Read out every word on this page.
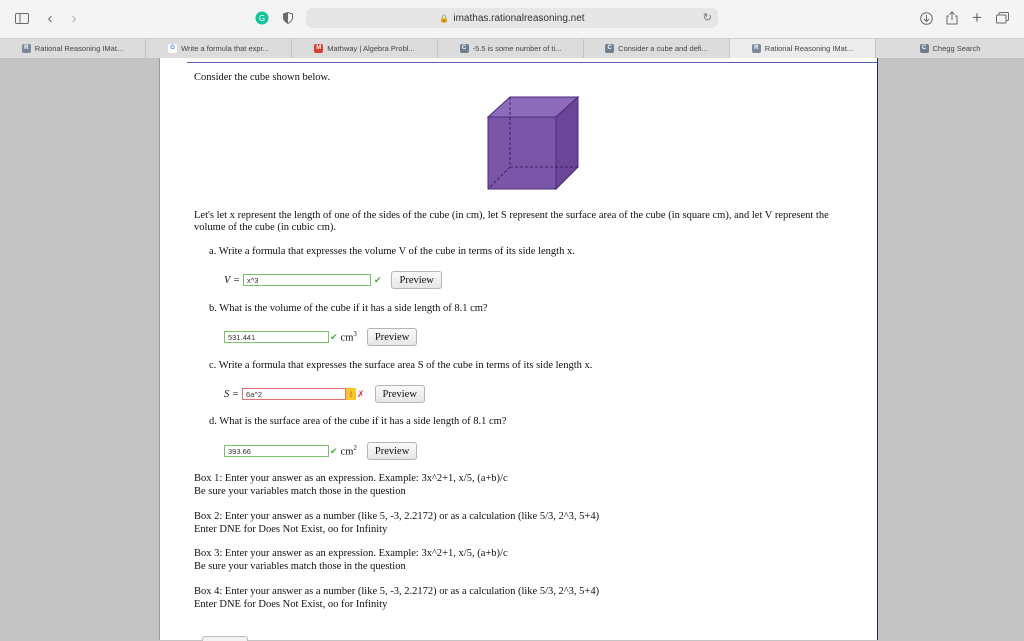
‹ ›	G	🔒 imathas.rationalreasoning.net	↻	+
R Rational Reasoning IMat...	G Write a formula that expr...	M Mathway | Algebra Probl...	C -5.5 is some number of ti...	C Consider a cube and defi...	R Rational Reasoning IMat...	C Chegg Search
Consider the cube shown below.
Let's let x represent the length of one of the sides of the cube (in cm), let S represent the surface area of the cube (in square cm), and let V represent the volume of the cube (in cubic cm).
a. Write a formula that expresses the volume V of the cube in terms of its side length x.
V = x^3	✔	Preview
b. What is the volume of the cube if it has a side length of 8.1 cm?
531.441	✔ $cm^3$	Preview
c. Write a formula that expresses the surface area S of the cube in terms of its side length x.
S = 6a^2	! ✗	Preview
d. What is the surface area of the cube if it has a side length of 8.1 cm?
393.66	✔ $cm^2$	Preview
Box 1: Enter your answer as an expression. Example: 3x^2+1, x/5, (a+b)/c
Be sure your variables match those in the question
Box 2: Enter your answer as a number (like 5, -3, 2.2172) or as a calculation (like 5/3, 2^3, 5+4)
Enter DNE for Does Not Exist, oo for Infinity
Box 3: Enter your answer as an expression. Example: 3x^2+1, x/5, (a+b)/c
Be sure your variables match those in the question
Box 4: Enter your answer as a number (like 5, -3, 2.2172) or as a calculation (like 5/3, 2^3, 5+4)
Enter DNE for Does Not Exist, oo for Infinity
